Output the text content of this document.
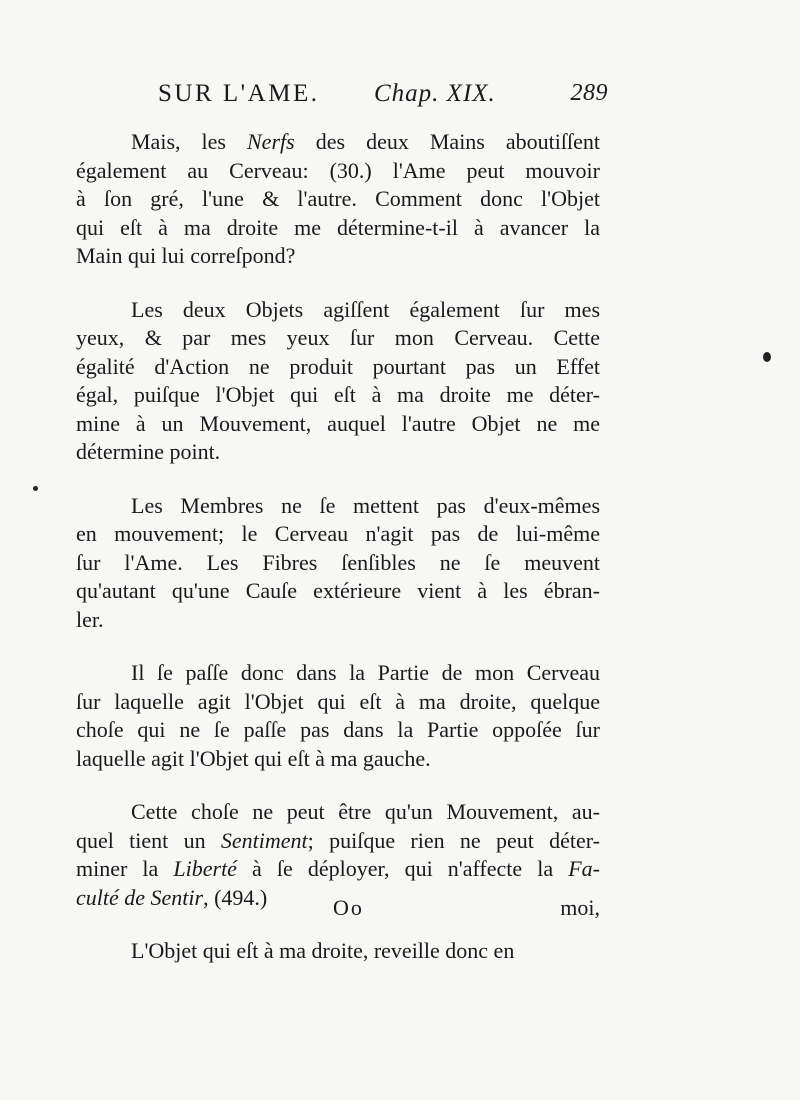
SUR L'AME. Chap. XIX.	289

Mais, les Nerfs des deux Mains aboutiſſent
également au Cerveau: (30.) l'Ame peut mouvoir
à ſon gré, l'une & l'autre. Comment donc l'Objet
qui eſt à ma droite me détermine-t-il à avancer la
Main qui lui correſpond?

Les deux Objets agiſſent également ſur mes
yeux, & par mes yeux ſur mon Cerveau. Cette
égalité d'Action ne produit pourtant pas un Effet
égal, puiſque l'Objet qui eſt à ma droite me déter-
mine à un Mouvement, auquel l'autre Objet ne me
détermine point.

Les Membres ne ſe mettent pas d'eux-mêmes
en mouvement; le Cerveau n'agit pas de lui-même
ſur l'Ame. Les Fibres ſenſibles ne ſe meuvent
qu'autant qu'une Cauſe extérieure vient à les ébran-
ler.

Il ſe paſſe donc dans la Partie de mon Cerveau
ſur laquelle agit l'Objet qui eſt à ma droite, quelque
choſe qui ne ſe paſſe pas dans la Partie oppoſée ſur
laquelle agit l'Objet qui eſt à ma gauche.

Cette choſe ne peut être qu'un Mouvement, au-
quel tient un Sentiment; puiſque rien ne peut déter-
miner la Liberté à ſe déployer, qui n'affecte la Fa-
culté de Sentir, (494.)

L'Objet qui eſt à ma droite, reveille donc en

Oo	moi,
